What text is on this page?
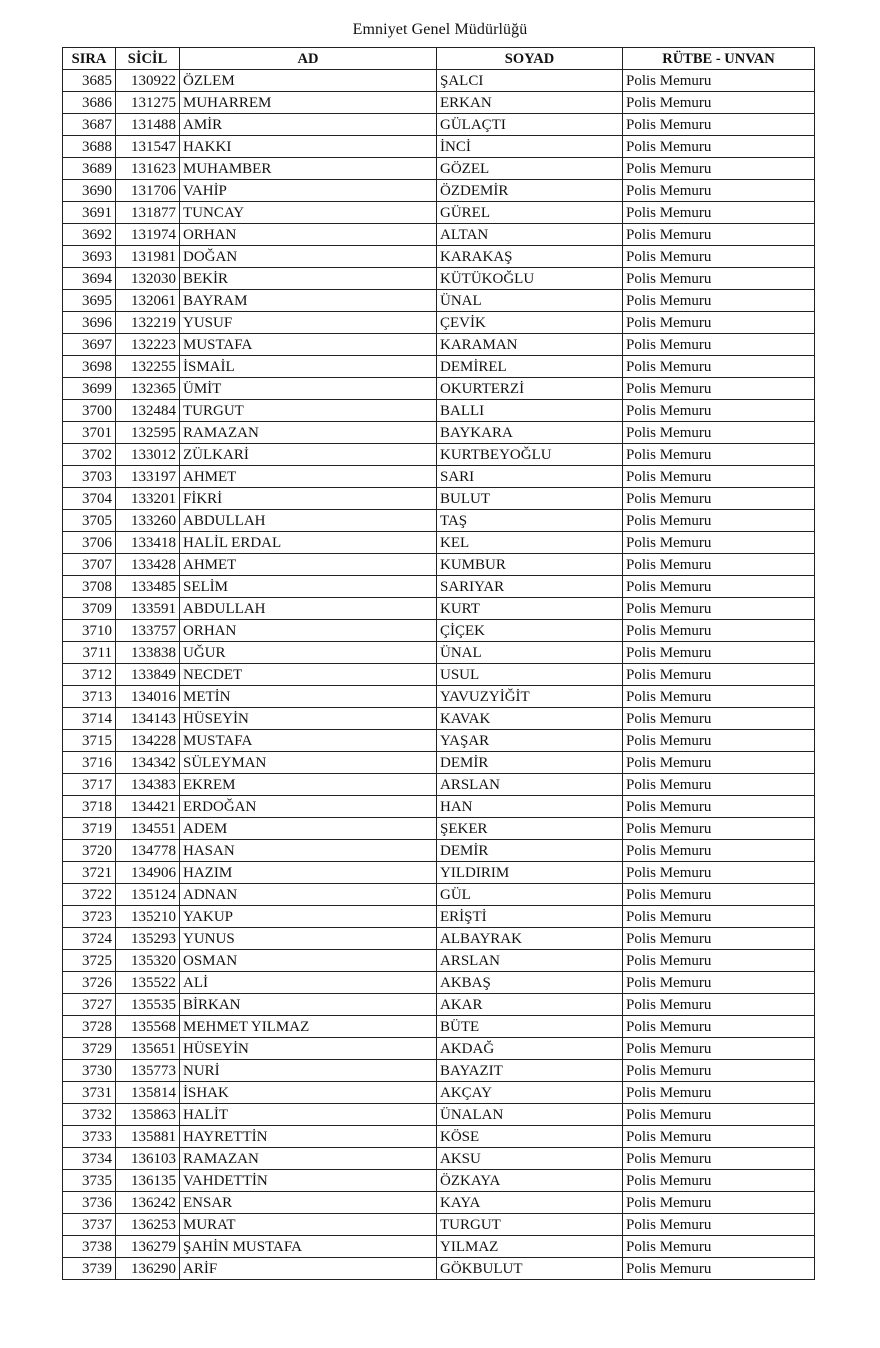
Emniyet Genel Müdürlüğü
SIRA	SİCİL	AD	SOYAD	RÜTBE - UNVAN
3685	130922	ÖZLEM	ŞALCI	Polis Memuru
3686	131275	MUHARREM	ERKAN	Polis Memuru
3687	131488	AMİR	GÜLAÇTI	Polis Memuru
3688	131547	HAKKI	İNCİ	Polis Memuru
3689	131623	MUHAMBER	GÖZEL	Polis Memuru
3690	131706	VAHİP	ÖZDEMİR	Polis Memuru
3691	131877	TUNCAY	GÜREL	Polis Memuru
3692	131974	ORHAN	ALTAN	Polis Memuru
3693	131981	DOĞAN	KARAKAŞ	Polis Memuru
3694	132030	BEKİR	KÜTÜKOĞLU	Polis Memuru
3695	132061	BAYRAM	ÜNAL	Polis Memuru
3696	132219	YUSUF	ÇEVİK	Polis Memuru
3697	132223	MUSTAFA	KARAMAN	Polis Memuru
3698	132255	İSMAİL	DEMİREL	Polis Memuru
3699	132365	ÜMİT	OKURTERZİ	Polis Memuru
3700	132484	TURGUT	BALLI	Polis Memuru
3701	132595	RAMAZAN	BAYKARA	Polis Memuru
3702	133012	ZÜLKARİ	KURTBEYOĞLU	Polis Memuru
3703	133197	AHMET	SARI	Polis Memuru
3704	133201	FİKRİ	BULUT	Polis Memuru
3705	133260	ABDULLAH	TAŞ	Polis Memuru
3706	133418	HALİL ERDAL	KEL	Polis Memuru
3707	133428	AHMET	KUMBUR	Polis Memuru
3708	133485	SELİM	SARIYAR	Polis Memuru
3709	133591	ABDULLAH	KURT	Polis Memuru
3710	133757	ORHAN	ÇİÇEK	Polis Memuru
3711	133838	UĞUR	ÜNAL	Polis Memuru
3712	133849	NECDET	USUL	Polis Memuru
3713	134016	METİN	YAVUZYİĞİT	Polis Memuru
3714	134143	HÜSEYİN	KAVAK	Polis Memuru
3715	134228	MUSTAFA	YAŞAR	Polis Memuru
3716	134342	SÜLEYMAN	DEMİR	Polis Memuru
3717	134383	EKREM	ARSLAN	Polis Memuru
3718	134421	ERDOĞAN	HAN	Polis Memuru
3719	134551	ADEM	ŞEKER	Polis Memuru
3720	134778	HASAN	DEMİR	Polis Memuru
3721	134906	HAZIM	YILDIRIM	Polis Memuru
3722	135124	ADNAN	GÜL	Polis Memuru
3723	135210	YAKUP	ERİŞTİ	Polis Memuru
3724	135293	YUNUS	ALBAYRAK	Polis Memuru
3725	135320	OSMAN	ARSLAN	Polis Memuru
3726	135522	ALİ	AKBAŞ	Polis Memuru
3727	135535	BİRKAN	AKAR	Polis Memuru
3728	135568	MEHMET YILMAZ	BÜTE	Polis Memuru
3729	135651	HÜSEYİN	AKDAĞ	Polis Memuru
3730	135773	NURİ	BAYAZIT	Polis Memuru
3731	135814	İSHAK	AKÇAY	Polis Memuru
3732	135863	HALİT	ÜNALAN	Polis Memuru
3733	135881	HAYRETTİN	KÖSE	Polis Memuru
3734	136103	RAMAZAN	AKSU	Polis Memuru
3735	136135	VAHDETTİN	ÖZKAYA	Polis Memuru
3736	136242	ENSAR	KAYA	Polis Memuru
3737	136253	MURAT	TURGUT	Polis Memuru
3738	136279	ŞAHİN MUSTAFA	YILMAZ	Polis Memuru
3739	136290	ARİF	GÖKBULUT	Polis Memuru
